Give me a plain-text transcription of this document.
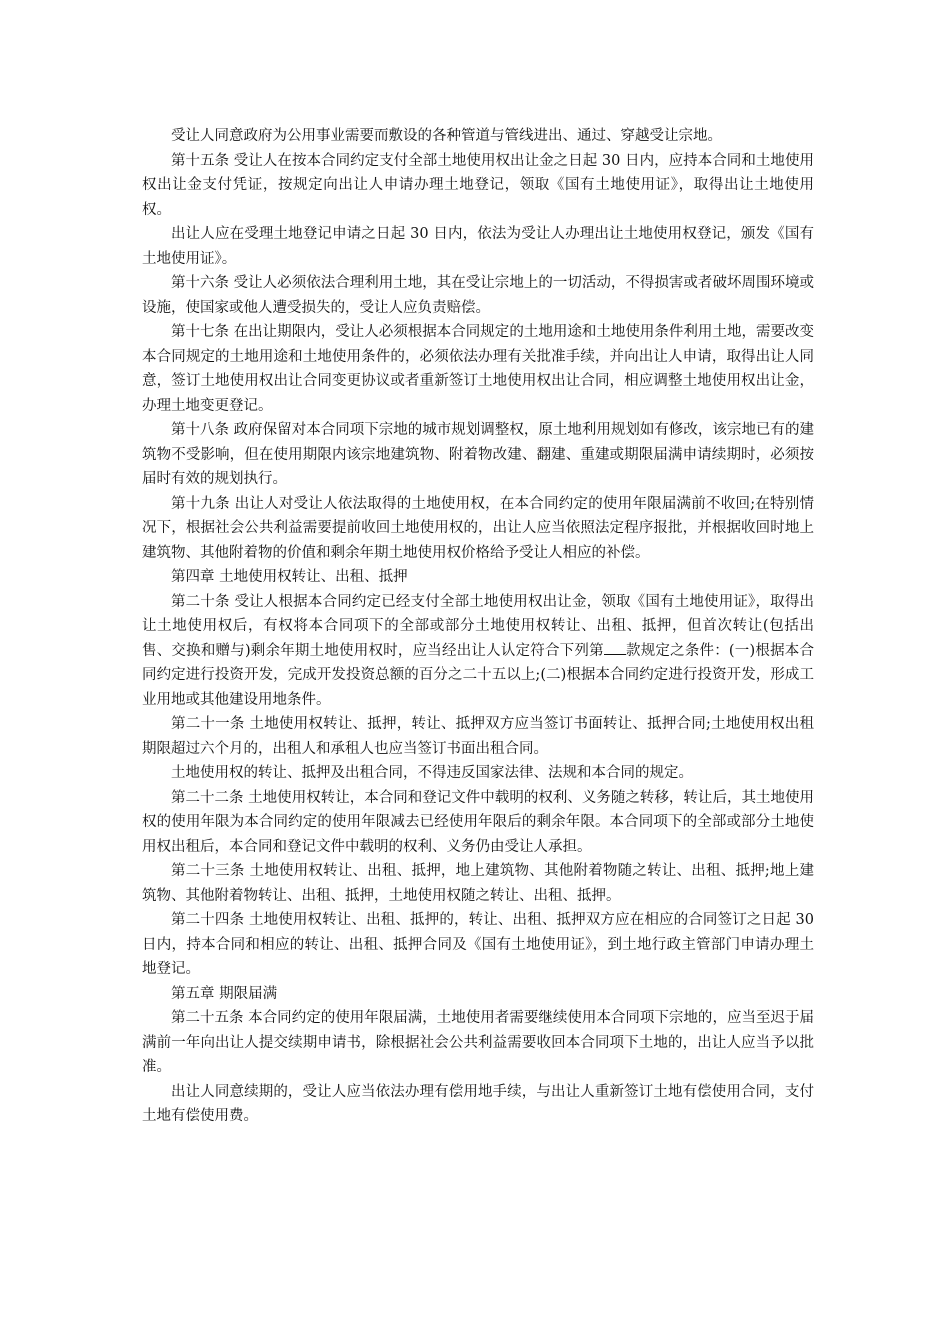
受让人同意政府为公用事业需要而敷设的各种管道与管线进出、通过、穿越受让宗地。

第十五条 受让人在按本合同约定支付全部土地使用权出让金之日起 30 日内，应持本合同和土地使用权出让金支付凭证，按规定向出让人申请办理土地登记，领取《国有土地使用证》，取得出让土地使用权。

出让人应在受理土地登记申请之日起 30 日内，依法为受让人办理出让土地使用权登记，颁发《国有土地使用证》。

第十六条 受让人必须依法合理利用土地，其在受让宗地上的一切活动，不得损害或者破坏周围环境或设施，使国家或他人遭受损失的，受让人应负责赔偿。

第十七条 在出让期限内，受让人必须根据本合同规定的土地用途和土地使用条件利用土地，需要改变本合同规定的土地用途和土地使用条件的，必须依法办理有关批准手续，并向出让人申请，取得出让人同意，签订土地使用权出让合同变更协议或者重新签订土地使用权出让合同，相应调整土地使用权出让金，办理土地变更登记。

第十八条 政府保留对本合同项下宗地的城市规划调整权，原土地利用规划如有修改，该宗地已有的建筑物不受影响，但在使用期限内该宗地建筑物、附着物改建、翻建、重建或期限届满申请续期时，必须按届时有效的规划执行。

第十九条 出让人对受让人依法取得的土地使用权，在本合同约定的使用年限届满前不收回;在特别情况下，根据社会公共利益需要提前收回土地使用权的，出让人应当依照法定程序报批，并根据收回时地上建筑物、其他附着物的价值和剩余年期土地使用权价格给予受让人相应的补偿。

第四章 土地使用权转让、出租、抵押

第二十条 受让人根据本合同约定已经支付全部土地使用权出让金，领取《国有土地使用证》，取得出让土地使用权后，有权将本合同项下的全部或部分土地使用权转让、出租、抵押，但首次转让(包括出售、交换和赠与)剩余年期土地使用权时，应当经出让人认定符合下列第 款规定之条件：(一)根据本合同约定进行投资开发，完成开发投资总额的百分之二十五以上;(二)根据本合同约定进行投资开发，形成工业用地或其他建设用地条件。

第二十一条 土地使用权转让、抵押，转让、抵押双方应当签订书面转让、抵押合同;土地使用权出租期限超过六个月的，出租人和承租人也应当签订书面出租合同。

土地使用权的转让、抵押及出租合同，不得违反国家法律、法规和本合同的规定。

第二十二条 土地使用权转让，本合同和登记文件中载明的权利、义务随之转移，转让后，其土地使用权的使用年限为本合同约定的使用年限减去已经使用年限后的剩余年限。本合同项下的全部或部分土地使用权出租后，本合同和登记文件中载明的权利、义务仍由受让人承担。

第二十三条 土地使用权转让、出租、抵押，地上建筑物、其他附着物随之转让、出租、抵押;地上建筑物、其他附着物转让、出租、抵押，土地使用权随之转让、出租、抵押。

第二十四条 土地使用权转让、出租、抵押的，转让、出租、抵押双方应在相应的合同签订之日起 30 日内，持本合同和相应的转让、出租、抵押合同及《国有土地使用证》，到土地行政主管部门申请办理土地登记。

第五章 期限届满

第二十五条 本合同约定的使用年限届满，土地使用者需要继续使用本合同项下宗地的，应当至迟于届满前一年向出让人提交续期申请书，除根据社会公共利益需要收回本合同项下土地的，出让人应当予以批准。

出让人同意续期的，受让人应当依法办理有偿用地手续，与出让人重新签订土地有偿使用合同，支付土地有偿使用费。
